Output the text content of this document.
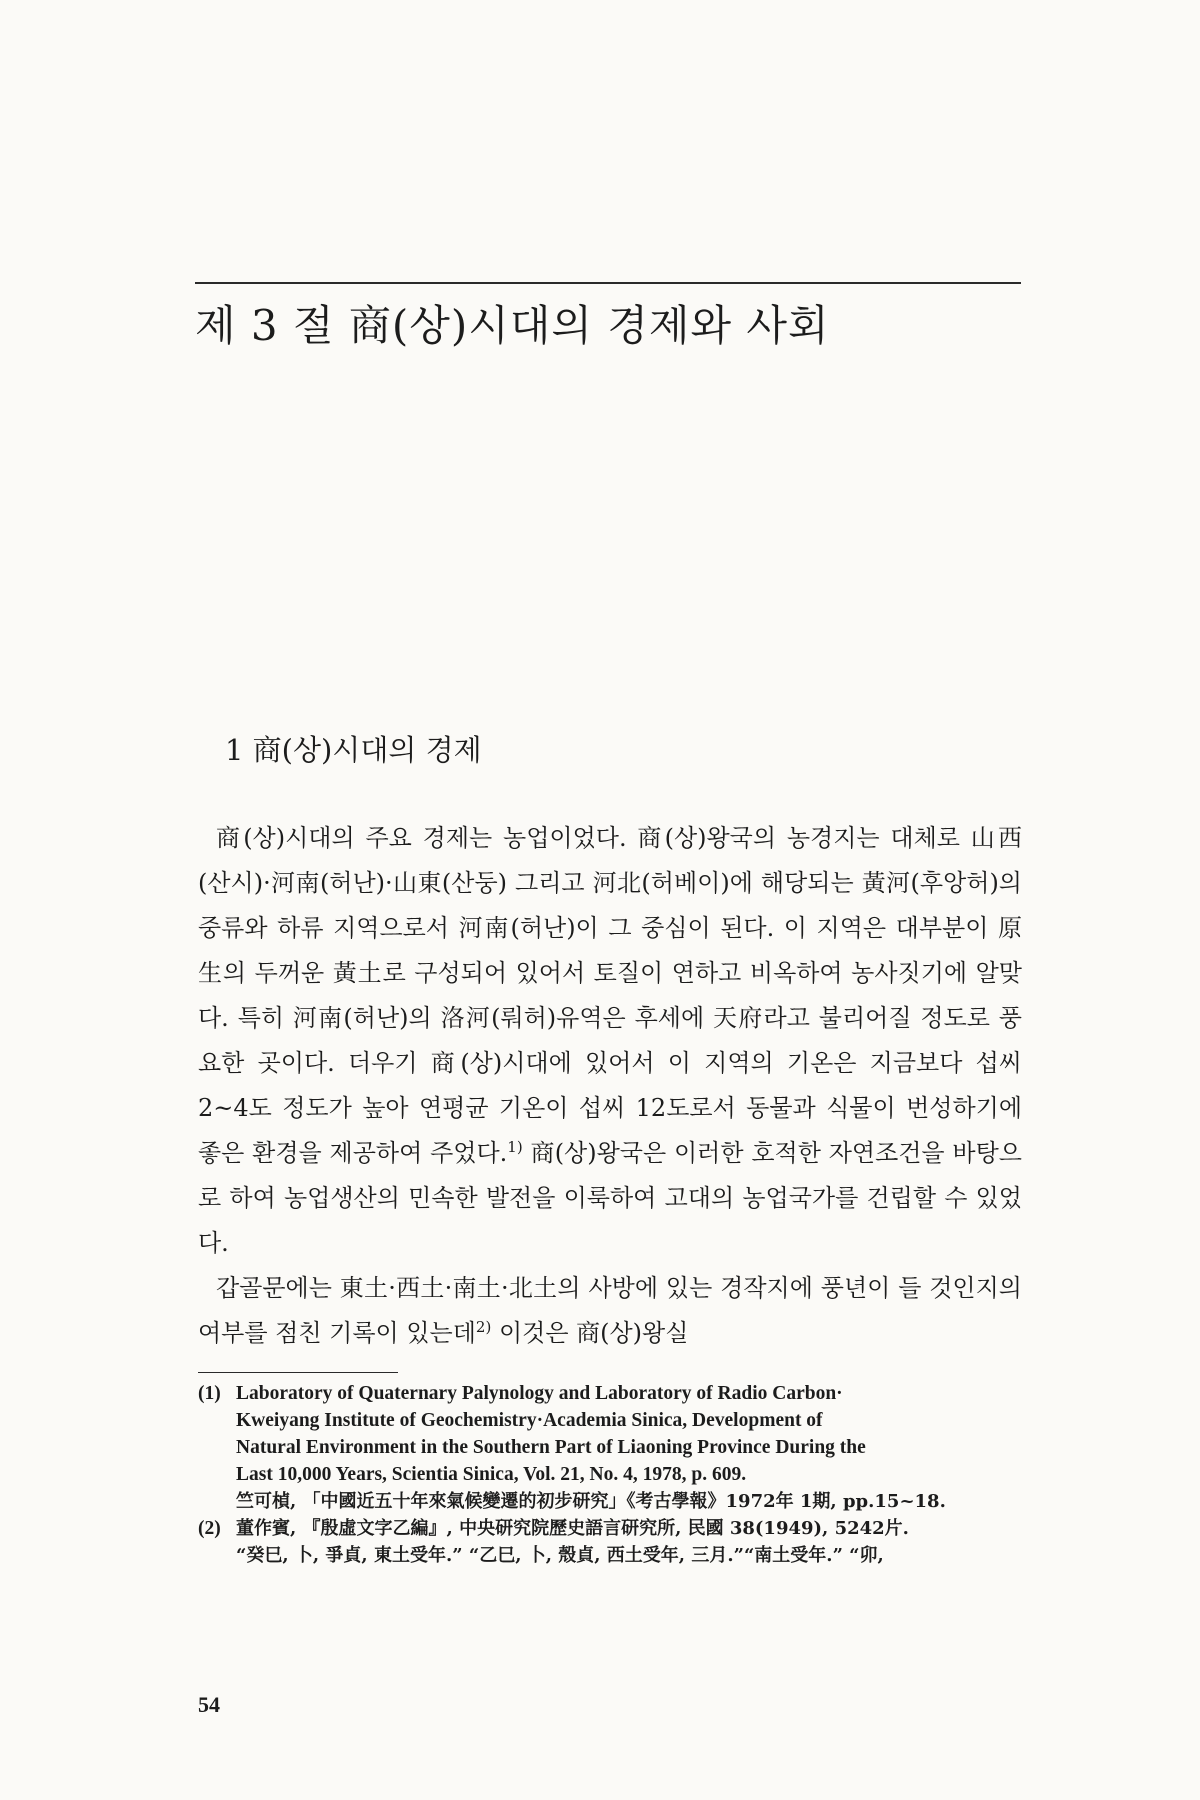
제 3 절 商(상)시대의 경제와 사회
1 商(상)시대의 경제

商(상)시대의 주요 경제는 농업이었다. 商(상)왕국의 농경지는 대체로 山西(산시)·河南(허난)·山東(산둥) 그리고 河北(허베이)에 해당되는 黃河(후앙허)의 중류와 하류 지역으로서 河南(허난)이 그 중심이 된다. 이 지역은 대부분이 原生의 두꺼운 黃土로 구성되어 있어서 토질이 연하고 비옥하여 농사짓기에 알맞다. 특히 河南(허난)의 洛河(뤄허)유역은 후세에 天府라고 불리어질 정도로 풍요한 곳이다. 더우기 商(상)시대에 있어서 이 지역의 기온은 지금보다 섭씨 2~4도 정도가 높아 연평균 기온이 섭씨 12도로서 동물과 식물이 번성하기에 좋은 환경을 제공하여 주었다.$^{1)}$ 商(상)왕국은 이러한 호적한 자연조건을 바탕으로 하여 농업생산의 민속한 발전을 이룩하여 고대의 농업국가를 건립할 수 있었다.

갑골문에는 東土·西土·南土·北土의 사방에 있는 경작지에 풍년이 들 것인지의 여부를 점친 기록이 있는데$^{2)}$ 이것은 商(상)왕실

(1) Laboratory of Quaternary Palynology and Laboratory of Radio Carbon·
Kweiyang Institute of Geochemistry·Academia Sinica, Development of
Natural Environment in the Southern Part of Liaoning Province During the
Last 10,000 Years, Scientia Sinica, Vol. 21, No. 4, 1978, p. 609.
竺可楨, 「中國近五十年來氣候變遷的初步研究」《考古學報》1972年 1期, pp.15~18.
(2) 董作賓, 『殷虛文字乙編』, 中央研究院歷史語言研究所, 民國 38(1949), 5242片.
“癸巳, 卜, 爭貞, 東土受年.” “乙巳, 卜, 殼貞, 西土受年, 三月.”“南土受年.” “卯,
54
